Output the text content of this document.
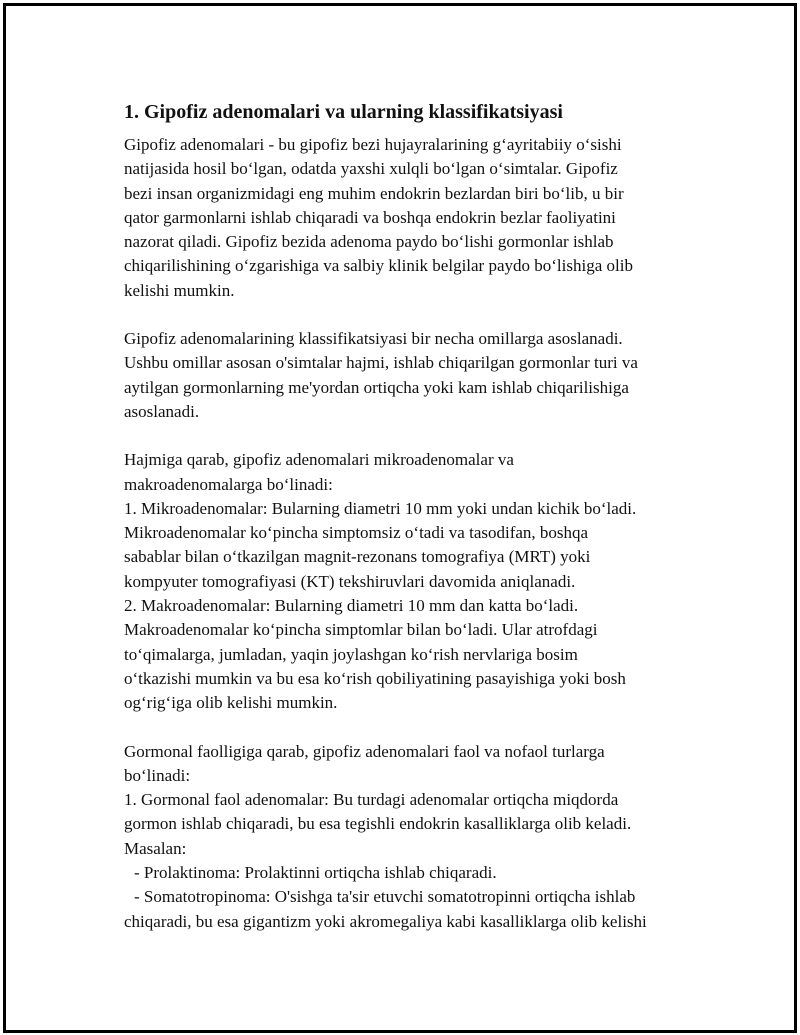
1. Gipofiz adenomalari va ularning klassifikatsiyasi

Gipofiz adenomalari - bu gipofiz bezi hujayralarining g‘ayritabiiy o‘sishi
natijasida hosil bo‘lgan, odatda yaxshi xulqli bo‘lgan o‘simtalar. Gipofiz
bezi insan organizmidagi eng muhim endokrin bezlardan biri bo‘lib, u bir
qator garmonlarni ishlab chiqaradi va boshqa endokrin bezlar faoliyatini
nazorat qiladi. Gipofiz bezida adenoma paydo bo‘lishi gormonlar ishlab
chiqarilishining o‘zgarishiga va salbiy klinik belgilar paydo bo‘lishiga olib
kelishi mumkin.

Gipofiz adenomalarining klassifikatsiyasi bir necha omillarga asoslanadi.
Ushbu omillar asosan o'simtalar hajmi, ishlab chiqarilgan gormonlar turi va
aytilgan gormonlarning me'yordan ortiqcha yoki kam ishlab chiqarilishiga
asoslanadi.

Hajmiga qarab, gipofiz adenomalari mikroadenomalar va
makroadenomalarga bo‘linadi:
1. Mikroadenomalar: Bularning diametri 10 mm yoki undan kichik bo‘ladi.
Mikroadenomalar ko‘pincha simptomsiz o‘tadi va tasodifan, boshqa
sabablar bilan o‘tkazilgan magnit-rezonans tomografiya (MRT) yoki
kompyuter tomografiyasi (KT) tekshiruvlari davomida aniqlanadi.
2. Makroadenomalar: Bularning diametri 10 mm dan katta bo‘ladi.
Makroadenomalar ko‘pincha simptomlar bilan bo‘ladi. Ular atrofdagi
to‘qimalarga, jumladan, yaqin joylashgan ko‘rish nervlariga bosim
o‘tkazishi mumkin va bu esa ko‘rish qobiliyatining pasayishiga yoki bosh
og‘rig‘iga olib kelishi mumkin.

Gormonal faolligiga qarab, gipofiz adenomalari faol va nofaol turlarga
bo‘linadi:
1. Gormonal faol adenomalar: Bu turdagi adenomalar ortiqcha miqdorda
gormon ishlab chiqaradi, bu esa tegishli endokrin kasalliklarga olib keladi.
Masalan:
- Prolaktinoma: Prolaktinni ortiqcha ishlab chiqaradi.
- Somatotropinoma: O'sishga ta'sir etuvchi somatotropinni ortiqcha ishlab
chiqaradi, bu esa gigantizm yoki akromegaliya kabi kasalliklarga olib kelishi
